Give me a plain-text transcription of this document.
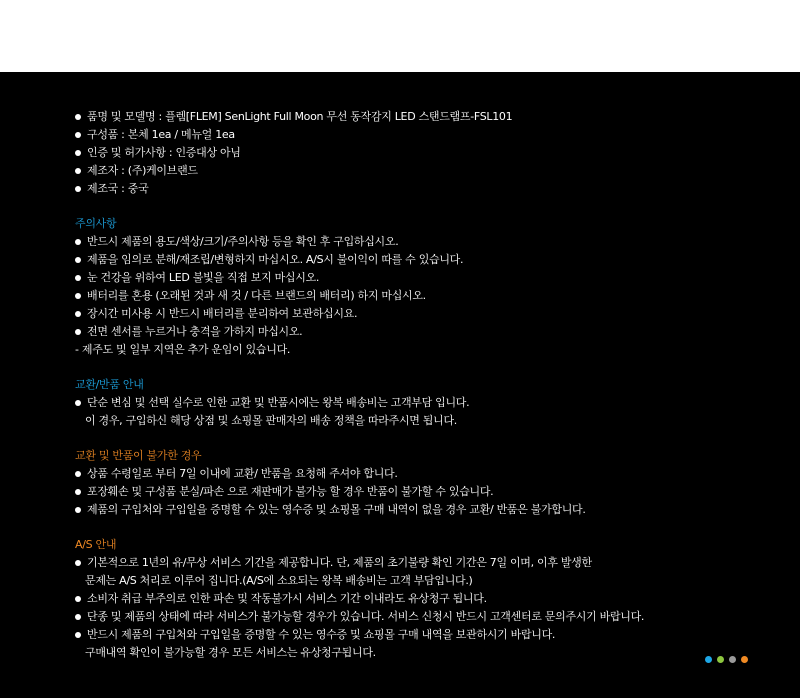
품명 및 모델명 : 플렘[FLEM] SenLight Full Moon 무선 동작감지 LED 스탠드램프-FSL101
구성품 : 본체 1ea / 메뉴얼 1ea
인증 및 허가사항 : 인증대상 아님
제조자 : (주)케이브랜드
제조국 : 중국
주의사항
반드시 제품의 용도/색상/크기/주의사항 등을 확인 후 구입하십시오.
제품을 임의로 분해/재조립/변형하지 마십시오. A/S시 불이익이 따를 수 있습니다.
눈 건강을 위하여 LED 불빛을 직접 보지 마십시오.
배터리를 혼용 (오래된 것과 새 것 / 다른 브랜드의 배터리) 하지 마십시오.
장시간 미사용 시 반드시 배터리를 분리하여 보관하십시요.
전면 센서를 누르거나 충격을 가하지 마십시오.
- 제주도 및 일부 지역은 추가 운임이 있습니다.
교환/반품 안내
단순 변심 및 선택 실수로 인한 교환 및 반품시에는 왕복 배송비는 고객부담 입니다.
이 경우, 구입하신 해당 상점 및 쇼핑몰 판매자의 배송 정책을 따라주시면 됩니다.
교환 및 반품이 불가한 경우
상품 수령일로 부터 7일 이내에 교환/ 반품을 요청해 주셔야 합니다.
포장훼손 및 구성품 분실/파손 으로 재판매가 불가능 할 경우 반품이 불가할 수 있습니다.
제품의 구입처와 구입일을 증명할 수 있는 영수증 및 쇼핑몰 구매 내역이 없을 경우 교환/ 반품은 불가합니다.
A/S 안내
기본적으로 1년의 유/무상 서비스 기간을 제공합니다. 단, 제품의 초기불량 확인 기간은 7일 이며, 이후 발생한
문제는 A/S 처리로 이루어 집니다.(A/S에 소요되는 왕복 배송비는 고객 부담입니다.)
소비자 취급 부주의로 인한 파손 및 작동불가시 서비스 기간 이내라도 유상청구 됩니다.
단종 및 제품의 상태에 따라 서비스가 불가능할 경우가 있습니다. 서비스 신청시 반드시 고객센터로 문의주시기 바랍니다.
반드시 제품의 구입처와 구입일을 증명할 수 있는 영수증 및 쇼핑몰 구매 내역을 보관하시기 바랍니다.
구매내역 확인이 불가능할 경우 모든 서비스는 유상청구됩니다.
